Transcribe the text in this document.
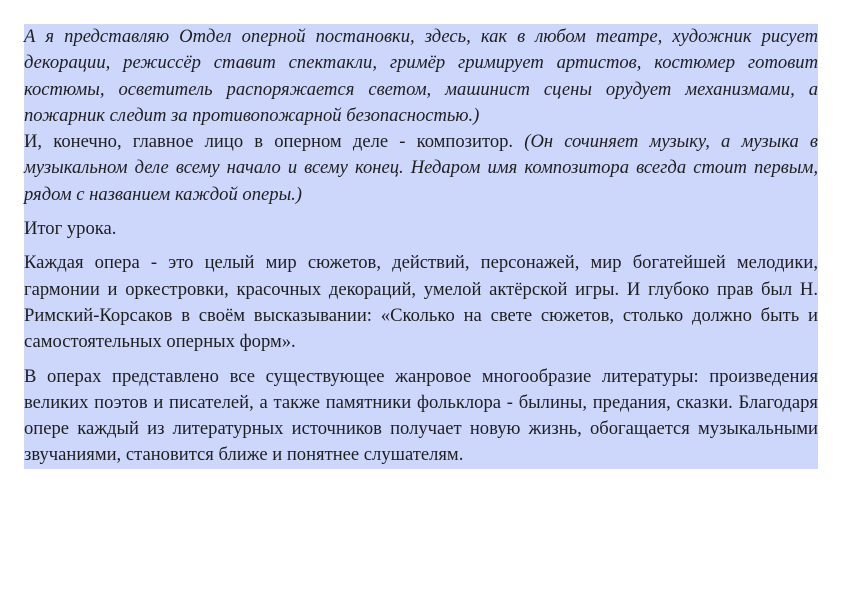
А я представляю Отдел оперной постановки, здесь, как в любом театре, художник рисует декорации, режиссёр ставит спектакли, гримёр гримирует артистов, костюмер готовит костюмы, осветитель распоряжается светом, машинист сцены орудует механизмами, а пожарник следит за противопожарной безопасностью.)

И, конечно, главное лицо в оперном деле - композитор. (Он сочиняет музыку, а музыка в музыкальном деле всему начало и всему конец. Недаром имя композитора всегда стоит первым, рядом с названием каждой оперы.)

Итог урока.

Каждая опера - это целый мир сюжетов, действий, персонажей, мир богатейшей мелодики, гармонии и оркестровки, красочных декораций, умелой актёрской игры. И глубоко прав был Н. Римский-Корсаков в своём высказывании: «Сколько на свете сюжетов, столько должно быть и самостоятельных оперных форм».

В операх представлено все существующее жанровое многообразие литературы: произведения великих поэтов и писателей, а также памятники фольклора - былины, предания, сказки. Благодаря опере каждый из литературных источников получает новую жизнь, обогащается музыкальными звучаниями, становится ближе и понятнее слушателям.
